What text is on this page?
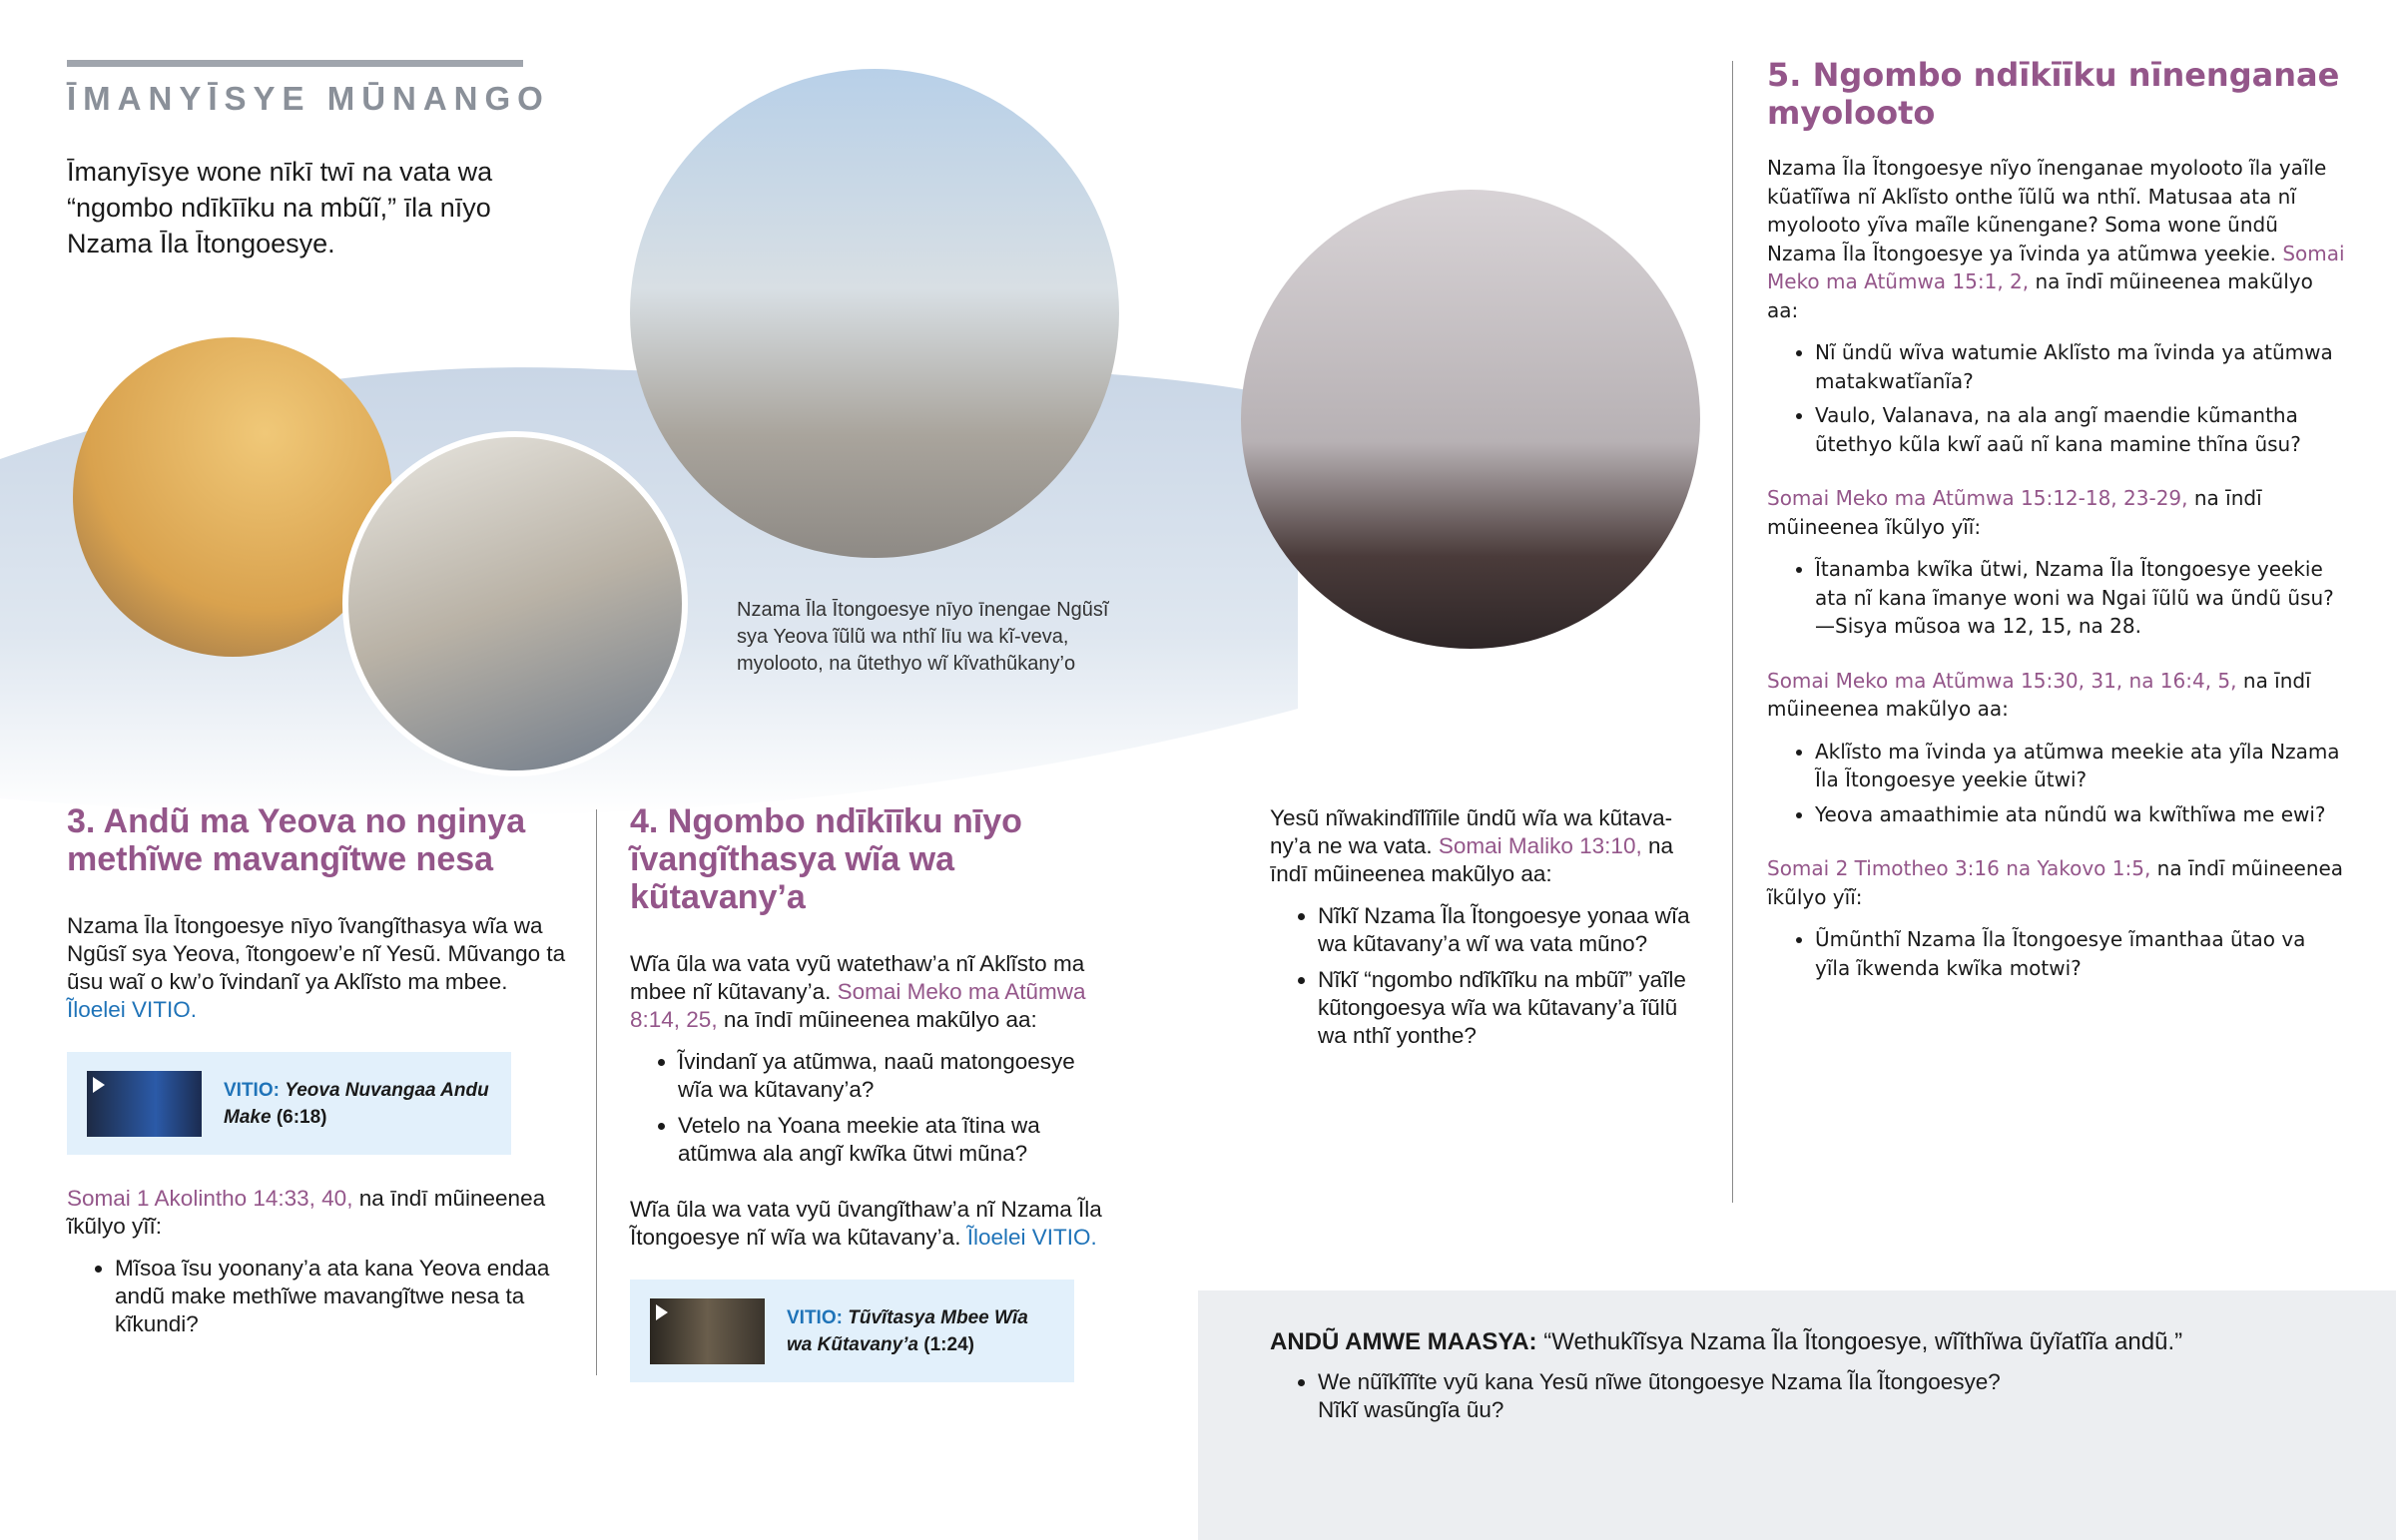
ĪMANYĪSYE MŪNANGO
Īmanyīsye wone nīkī twī na vata wa “ngombo ndīkīīku na mbũĩ,” īla nīyo Nzama Īla Ītongoesye.
Nzama Īla Ītongoesye nīyo īnengae Ngũsĩ sya Yeova ĩũlũ wa nthĩ līu wa kĩ-veva, myolooto, na ũtethyo wĩ kĩvathũkany’o
3. Andũ ma Yeova no nginya methĩwe mavangĩtwe nesa

Nzama Īla Ītongoesye nīyo ĩvangĩthasya wĩa wa Ngũsĩ sya Yeova, ĩtongoew’e nĩ Yesũ. Mũvango ta ũsu waĩ o kw’o ĩvindanĩ ya Aklĩsto ma mbee. Ĩloelei VITIO.

VITIO: Yeova Nuvangaa Andu Make (6:18)

Somai 1 Akolintho 14:33, 40, na īndī mũineenea ĩkũlyo yĩĩ:

• Mĩsoa ĩsu yoonany’a ata kana Yeova endaa andũ make methĩwe mavangĩtwe nesa ta kĩkundi?
4. Ngombo ndīkīīku nīyo ĩvangĩthasya wĩa wa kũtavany’a

Wĩa ũla wa vata vyũ watethaw’a nĩ Aklĩsto ma mbee nĩ kũtavany’a. Somai Meko ma Atũmwa 8:14, 25, na īndī mũineenea makũlyo aa:

• Ĩvindanĩ ya atũmwa, naaũ matongoesye wĩa wa kũtavany’a?
• Vetelo na Yoana meekie ata ĩtina wa atũmwa ala angĩ kwĩka ũtwi mũna?

Wĩa ũla wa vata vyũ ũvangĩthaw’a nĩ Nzama Ĩla Ĩtongoesye nĩ wĩa wa kũtavany’a. Ĩloelei VITIO.

VITIO: Tũvĩtasya Mbee Wĩa wa Kũtavany’a (1:24)

Yesũ nĩwakindĩlĩĩile ũndũ wĩa wa kũtava- ny’a ne wa vata. Somai Maliko 13:10, na īndī mũineenea makũlyo aa:

• Nĩkĩ Nzama Ĩla Ĩtongoesye yonaa wĩa wa kũtavany’a wĩ wa vata mũno?
• Nĩkĩ “ngombo ndĩkĩĩku na mbũĩ” yaĩle kũtongoesya wĩa wa kũtavany’a ĩũlũ wa nthĩ yonthe?
5. Ngombo ndīkīīku nīnenganae myolooto

Nzama Ĩla Ĩtongoesye nĩyo ĩnenganae myolooto ĩla yaĩle kũatĩĩwa nĩ Aklĩsto onthe ĩũlũ wa nthĩ. Matusaa ata nĩ myolooto yĩva maĩle kũnengane? Soma wone ũndũ Nzama Ĩla Ĩtongoesye ya ĩvinda ya atũmwa yeekie. Somai Meko ma Atũmwa 15:1, 2, na īndī mũineenea makũlyo aa:

• Nĩ ũndũ wĩva watumie Aklĩsto ma ĩvinda ya atũmwa matakwatĩanĩa?
• Vaulo, Valanava, na ala angĩ maendie kũmantha ũtethyo kũla kwĩ aaũ nĩ kana mamine thĩna ũsu?

Somai Meko ma Atũmwa 15:12-18, 23-29, na īndī mũineenea ĩkũlyo yĩĩ:

• Ĩtanamba kwĩka ũtwi, Nzama Ĩla Ĩtongoesye yeekie ata nĩ kana ĩmanye woni wa Ngai ĩũlũ wa ũndũ ũsu?—Sisya mũsoa wa 12, 15, na 28.

Somai Meko ma Atũmwa 15:30, 31, na 16:4, 5, na īndī mũineenea makũlyo aa:

• Aklĩsto ma ĩvinda ya atũmwa meekie ata yĩla Nzama Ĩla Ĩtongoesye yeekie ũtwi?
• Yeova amaathimie ata nũndũ wa kwĩthĩwa me ewi?

Somai 2 Timotheo 3:16 na Yakovo 1:5, na īndī mũineenea ĩkũlyo yĩĩ:

• Ũmũnthĩ Nzama Ĩla Ĩtongoesye ĩmanthaa ũtao va yĩla ĩkwenda kwĩka motwi?

ANDŨ AMWE MAASYA: “Wethukĩĩsya Nzama Ĩla Ĩtongoesye, wĩĩthĩwa ũyĩatĩĩa andũ.”

• We nũĩkĩĩĩte vyũ kana Yesũ nĩwe ũtongoesye Nzama Ĩla Ĩtongoesye? Nĩkĩ wasũngĩa ũu?
